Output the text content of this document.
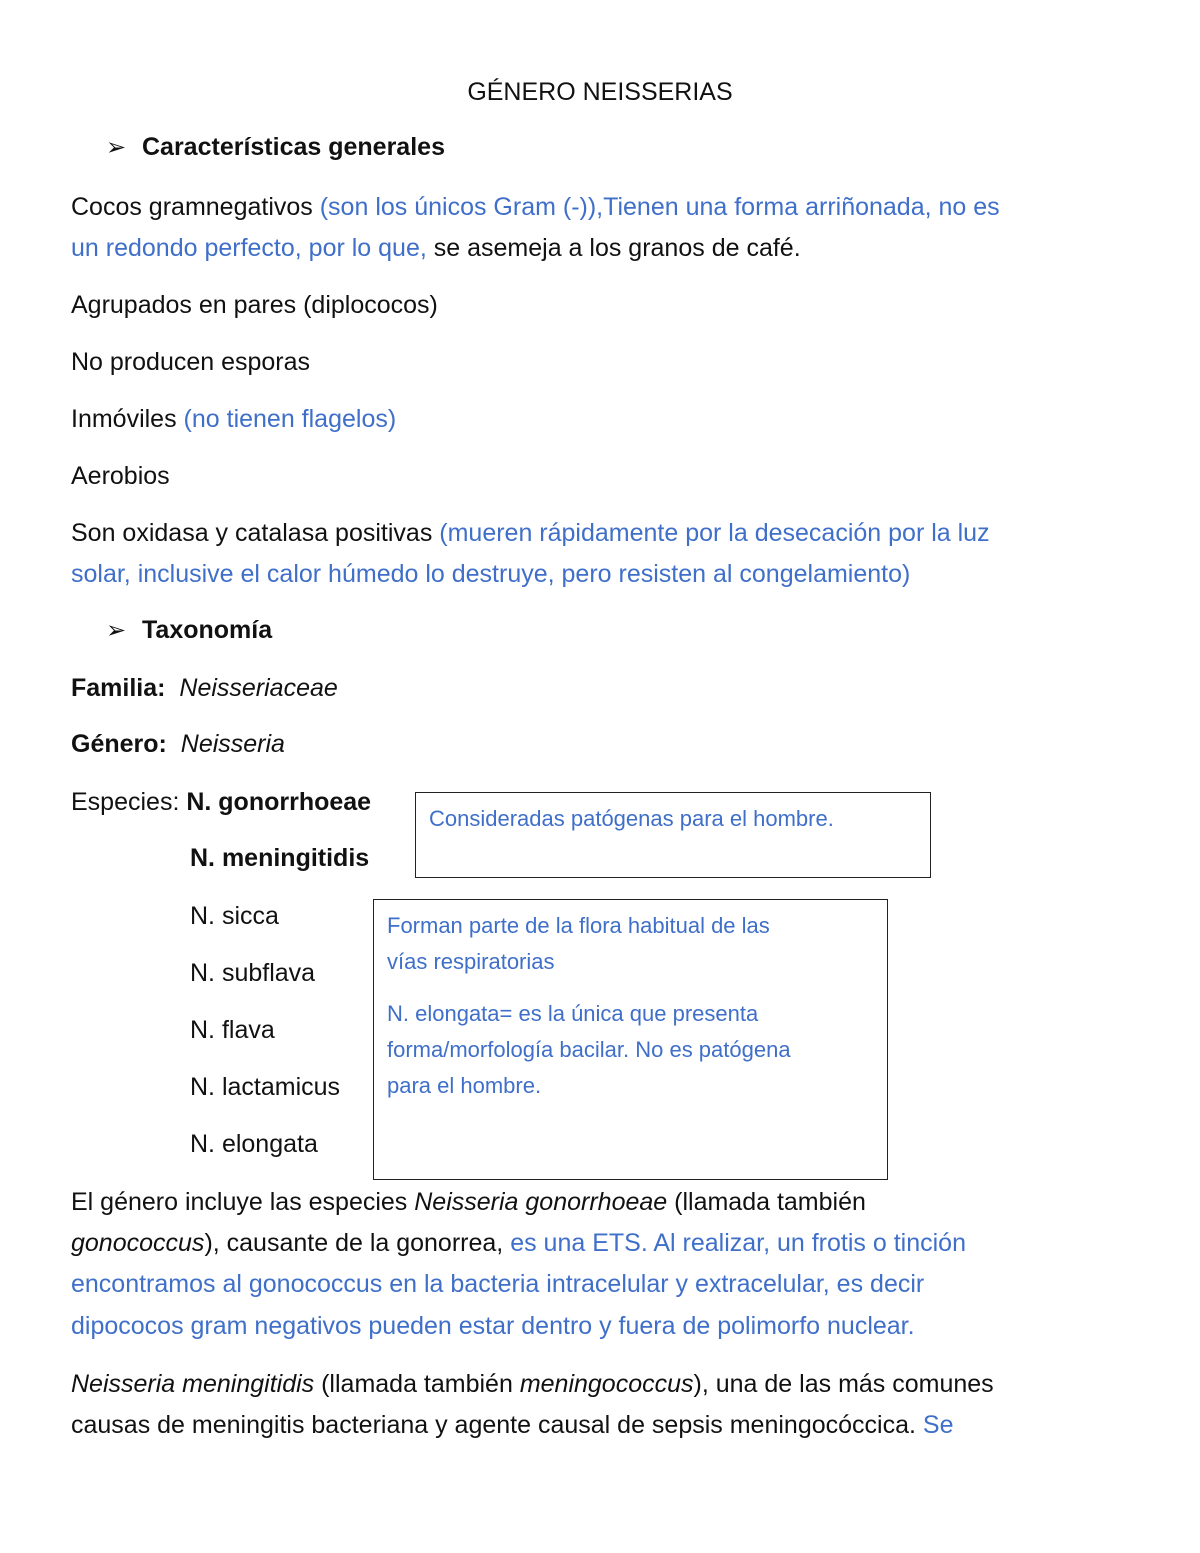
GÉNERO NEISSERIAS
➢ Características generales
Cocos gramnegativos (son los únicos Gram (-)),Tienen una forma arriñonada, no es
un redondo perfecto, por lo que, se asemeja a los granos de café.
Agrupados en pares (diplococos)
No producen esporas
Inmóviles (no tienen flagelos)
Aerobios
Son oxidasa y catalasa positivas (mueren rápidamente por la desecación por la luz
solar, inclusive el calor húmedo lo destruye, pero resisten al congelamiento)
➢ Taxonomía
Familia: Neisseriaceae
Género: Neisseria
Especies: N. gonorrhoeae
N. meningitidis
N. sicca
N. subflava
N. flava
N. lactamicus
N. elongata
Consideradas patógenas para el hombre.
Forman parte de la flora habitual de las
vías respiratorias
N. elongata= es la única que presenta
forma/morfología bacilar. No es patógena
para el hombre.
El género incluye las especies Neisseria gonorrhoeae (llamada también
gonococcus), causante de la gonorrea, es una ETS. Al realizar, un frotis o tinción
encontramos al gonococcus en la bacteria intracelular y extracelular, es decir
dipococos gram negativos pueden estar dentro y fuera de polimorfo nuclear.
Neisseria meningitidis (llamada también meningococcus), una de las más comunes
causas de meningitis bacteriana y agente causal de sepsis meningocóccica. Se
